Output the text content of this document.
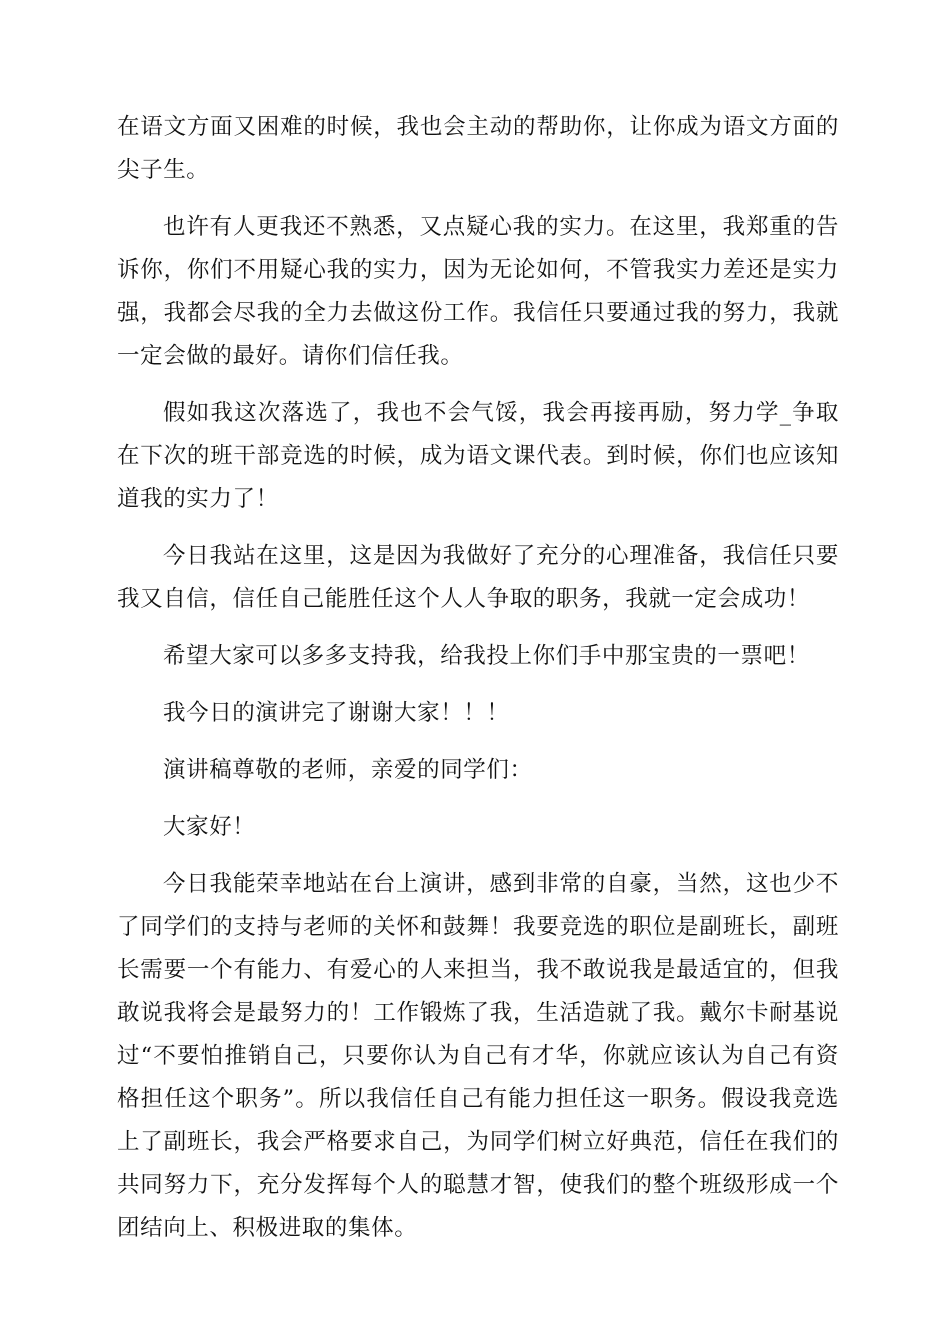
在语文方面又困难的时候，我也会主动的帮助你，让你成为语文方面的尖子生。

也许有人更我还不熟悉，又点疑心我的实力。在这里，我郑重的告诉你，你们不用疑心我的实力，因为无论如何，不管我实力差还是实力强，我都会尽我的全力去做这份工作。我信任只要通过我的努力，我就一定会做的最好。请你们信任我。

假如我这次落选了，我也不会气馁，我会再接再励，努力学_争取在下次的班干部竞选的时候，成为语文课代表。到时候，你们也应该知道我的实力了！

今日我站在这里，这是因为我做好了充分的心理准备，我信任只要我又自信，信任自己能胜任这个人人争取的职务，我就一定会成功！

希望大家可以多多支持我，给我投上你们手中那宝贵的一票吧！

我今日的演讲完了谢谢大家！！！

演讲稿尊敬的老师，亲爱的同学们：

大家好！

今日我能荣幸地站在台上演讲，感到非常的自豪，当然，这也少不了同学们的支持与老师的关怀和鼓舞！我要竞选的职位是副班长，副班长需要一个有能力、有爱心的人来担当，我不敢说我是最适宜的，但我敢说我将会是最努力的！工作锻炼了我，生活造就了我。戴尔卡耐基说过“不要怕推销自己，只要你认为自己有才华，你就应该认为自己有资格担任这个职务”。所以我信任自己有能力担任这一职务。假设我竞选上了副班长，我会严格要求自己，为同学们树立好典范，信任在我们的共同努力下，充分发挥每个人的聪慧才智，使我们的整个班级形成一个团结向上、积极进取的集体。
